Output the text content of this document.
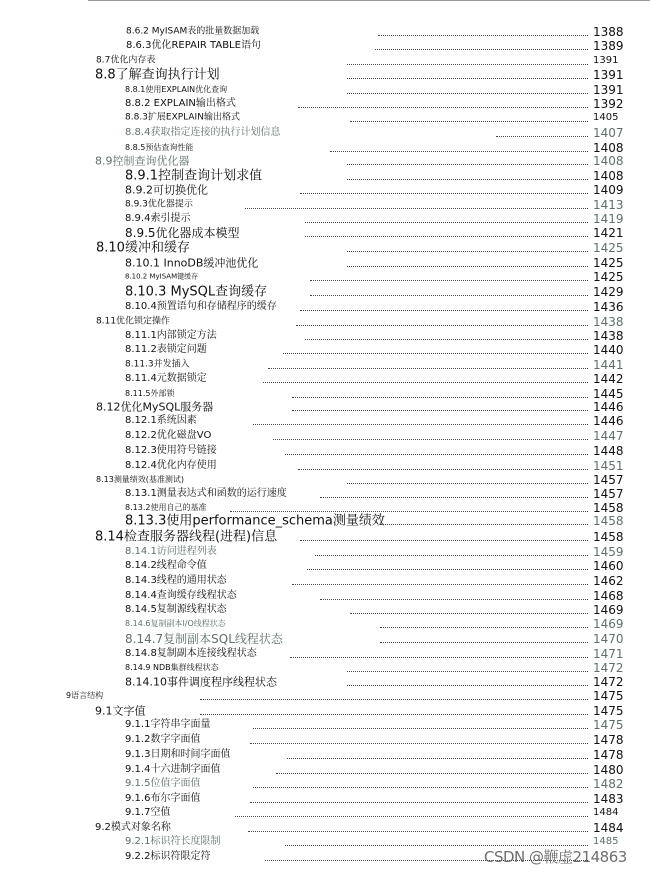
8.6.2 MyISAM表的批量数据加载	1388
8.6.3优化REPAIR TABLE语句	1389
8.7优化内存表	1391
8.8了解查询执行计划	1391
8.8.1使用EXPLAIN优化查询	1391
8.8.2 EXPLAIN输出格式	1392
8.8.3扩展EXPLAIN输出格式	1405
8.8.4获取指定连接的执行计划信息	1407
8.8.5预估查询性能	1408
8.9控制查询优化器	1408
8.9.1控制查询计划求值	1408
8.9.2可切换优化	1409
8.9.3优化器提示	1413
8.9.4索引提示	1419
8.9.5优化器成本模型	1421
8.10缓冲和缓存	1425
8.10.1 InnoDB缓冲池优化	1425
8.10.2 MyISAM键缓存	1425
8.10.3 MySQL查询缓存	1429
8.10.4预置语句和存储程序的缓存	1436
8.11优化锁定操作	1438
8.11.1内部锁定方法	1438
8.11.2表锁定问题	1440
8.11.3并发插入	1441
8.11.4元数据锁定	1442
8.11.5外部锁	1445
8.12优化MySQL服务器	1446
8.12.1系统因素	1446
8.12.2优化磁盘VO	1447
8.12.3使用符号链接	1448
8.12.4优化内存使用	1451
8.13测量绩效(基准测试)	1457
8.13.1测量表达式和函数的运行速度	1457
8.13.2使用自己的基准	1458
8.13.3使用performance_schema测量绩效	1458
8.14检查服务器线程(进程)信息	1458
8.14.1访问进程列表	1459
8.14.2线程命令值	1460
8.14.3线程的通用状态	1462
8.14.4查询缓存线程状态	1468
8.14.5复制源线程状态	1469
8.14.6复制副本I/O线程状态	1469
8.14.7复制副本SQL线程状态	1470
8.14.8复制副本连接线程状态	1471
8.14.9 NDB集群线程状态	1472
8.14.10事件调度程序线程状态	1472
9语言结构	1475
9.1文字值	1475
9.1.1字符串字面量	1475
9.1.2数字字面值	1478
9.1.3日期和时间字面值	1478
9.1.4十六进制字面值	1480
9.1.5位值字面值	1482
9.1.6布尔字面值	1483
9.1.7空值	1484
9.2模式对象名称	1484
9.2.1标识符长度限制	1485
9.2.2标识符限定符	CSDN @鞭虚214863
